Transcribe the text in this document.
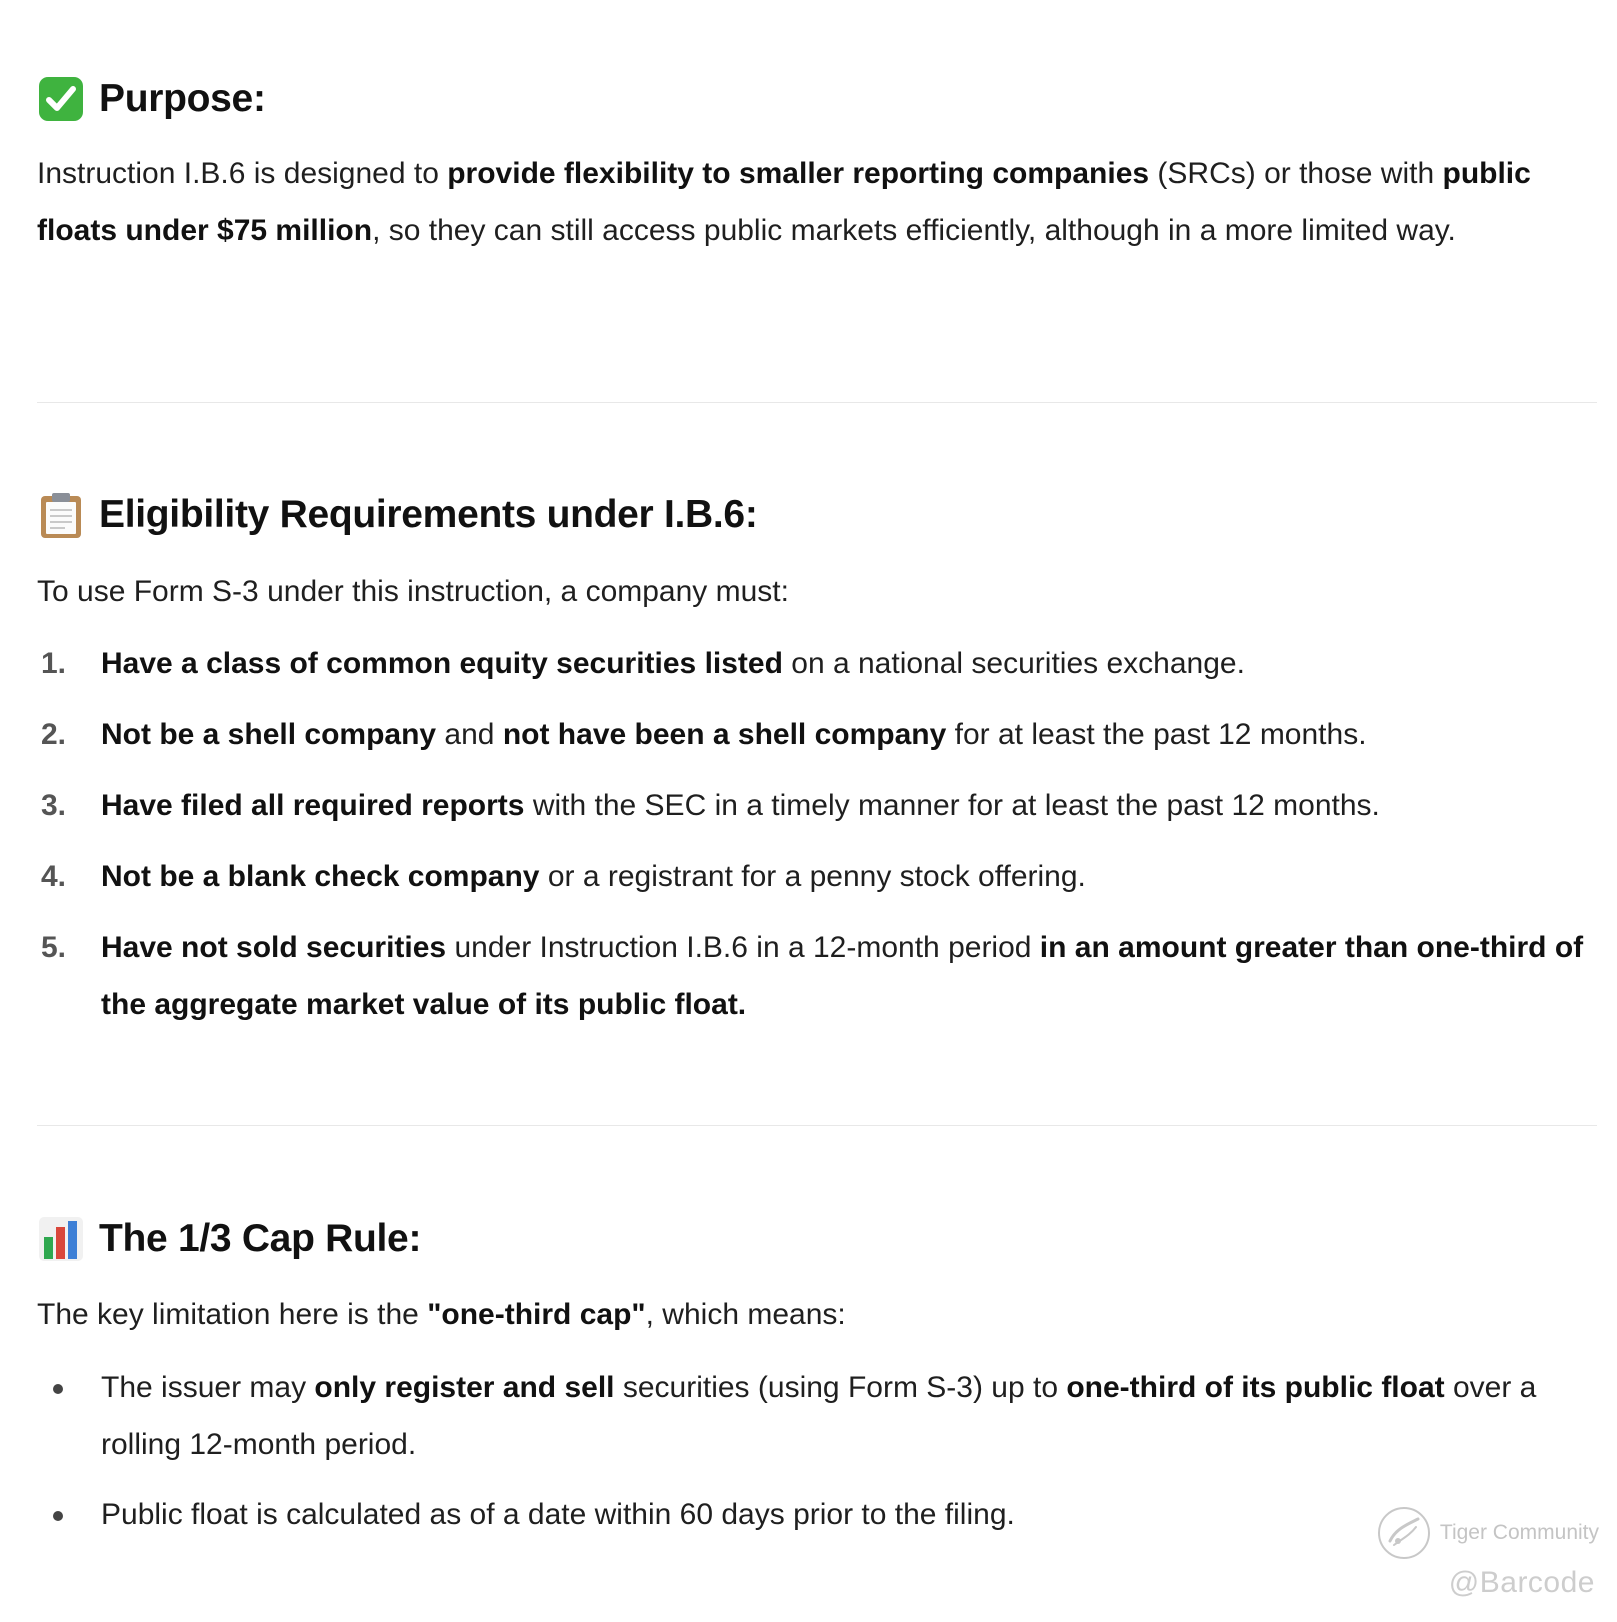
Purpose:

Instruction I.B.6 is designed to provide flexibility to smaller reporting companies (SRCs) or those with public floats under $75 million, so they can still access public markets efficiently, although in a more limited way.

Eligibility Requirements under I.B.6:

To use Form S-3 under this instruction, a company must:

1. Have a class of common equity securities listed on a national securities exchange.
2. Not be a shell company and not have been a shell company for at least the past 12 months.
3. Have filed all required reports with the SEC in a timely manner for at least the past 12 months.
4. Not be a blank check company or a registrant for a penny stock offering.
5. Have not sold securities under Instruction I.B.6 in a 12-month period in an amount greater than one-third of the aggregate market value of its public float.
The 1/3 Cap Rule:

The key limitation here is the "one-third cap", which means:

The issuer may only register and sell securities (using Form S-3) up to one-third of its public float over a rolling 12-month period.
Public float is calculated as of a date within 60 days prior to the filing.
Tiger Community
@Barcode
